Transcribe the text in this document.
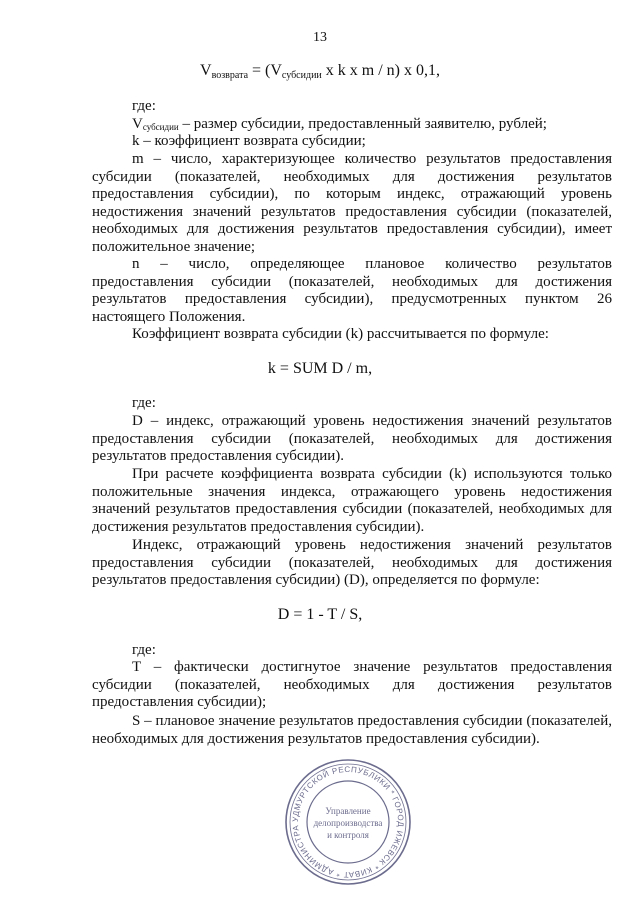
13
$V_{возврата} = (V_{субсидии}$ x k x m / n) x 0,1,
где:

$V_{субсидии}$ – размер субсидии, предоставленный заявителю, рублей;

k – коэффициент возврата субсидии;

m – число, характеризующее количество результатов предоставления субсидии (показателей, необходимых для достижения результатов предоставления субсидии), по которым индекс, отражающий уровень недостижения значений результатов предоставления субсидии (показателей, необходимых для достижения результатов предоставления субсидии), имеет положительное значение;

n – число, определяющее плановое количество результатов предоставления субсидии (показателей, необходимых для достижения результатов предоставления субсидии), предусмотренных пунктом 26 настоящего Положения.

Коэффициент возврата субсидии (k) рассчитывается по формуле:

k = SUM D / m,
где:

D – индекс, отражающий уровень недостижения значений результатов предоставления субсидии (показателей, необходимых для достижения результатов предоставления субсидии).

При расчете коэффициента возврата субсидии (k) используются только положительные значения индекса, отражающего уровень недостижения значений результатов предоставления субсидии (показателей, необходимых для достижения результатов предоставления субсидии).

Индекс, отражающий уровень недостижения значений результатов предоставления субсидии (показателей, необходимых для достижения результатов предоставления субсидии) (D), определяется по формуле:

D = 1 - T / S,
где:

T – фактически достигнутое значение результатов предоставления субсидии (показателей, необходимых для достижения результатов предоставления субсидии);

S – плановое значение результатов предоставления субсидии (показателей, необходимых для достижения результатов предоставления субсидии).

УДМУРТСКОЙ РЕСПУБЛИКИ * ГОРОД ИЖЕВСК * КИВАТ * АДМИНИСТРА
Управление
делопроизводства
и контроля
